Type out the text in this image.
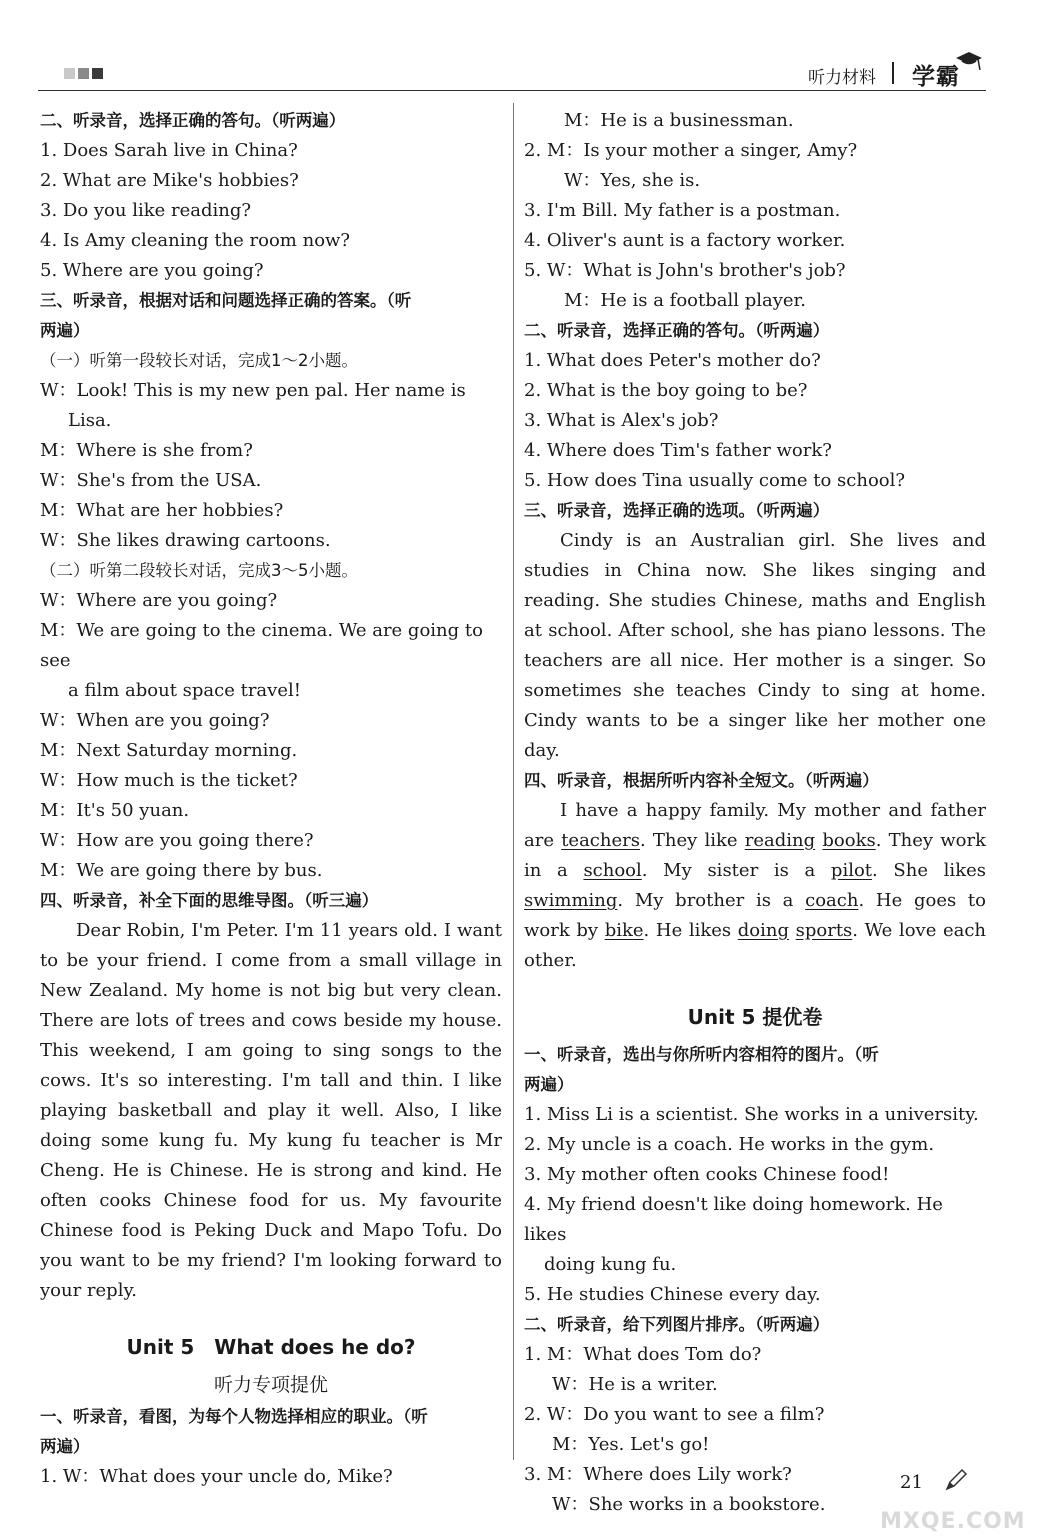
听力材料 学霸

二、听录音，选择正确的答句。（听两遍）

1. Does Sarah live in China?

2. What are Mike's hobbies?

3. Do you like reading?

4. Is Amy cleaning the room now?

5. Where are you going?

三、听录音，根据对话和问题选择正确的答案。（听

两遍）

（一）听第一段较长对话，完成1～2小题。

W：Look! This is my new pen pal. Her name is

Lisa.

M：Where is she from?

W：She's from the USA.

M：What are her hobbies?

W：She likes drawing cartoons.

（二）听第二段较长对话，完成3～5小题。

W：Where are you going?

M：We are going to the cinema. We are going to see

a film about space travel!

W：When are you going?

M：Next Saturday morning.

W：How much is the ticket?

M：It's 50 yuan.

W：How are you going there?

M：We are going there by bus.

四、听录音，补全下面的思维导图。（听三遍）

Dear Robin, I'm Peter. I'm 11 years old. I want to be your friend. I come from a small village in New Zealand. My home is not big but very clean. There are lots of trees and cows beside my house. This weekend, I am going to sing songs to the cows. It's so interesting. I'm tall and thin. I like playing basketball and play it well. Also, I like doing some kung fu. My kung fu teacher is Mr Cheng. He is Chinese. He is strong and kind. He often cooks Chinese food for us. My favourite Chinese food is Peking Duck and Mapo Tofu. Do you want to be my friend? I'm looking forward to your reply.

Unit 5　What does he do?

听力专项提优

一、听录音，看图，为每个人物选择相应的职业。（听

两遍）

1. W：What does your uncle do, Mike?

M：He is a businessman.

2. M：Is your mother a singer, Amy?

W：Yes, she is.

3. I'm Bill. My father is a postman.

4. Oliver's aunt is a factory worker.

5. W：What is John's brother's job?

M：He is a football player.

二、听录音，选择正确的答句。（听两遍）

1. What does Peter's mother do?

2. What is the boy going to be?

3. What is Alex's job?

4. Where does Tim's father work?

5. How does Tina usually come to school?

三、听录音，选择正确的选项。（听两遍）

Cindy is an Australian girl. She lives and studies in China now. She likes singing and reading. She studies Chinese, maths and English at school. After school, she has piano lessons. The teachers are all nice. Her mother is a singer. So sometimes she teaches Cindy to sing at home. Cindy wants to be a singer like her mother one day.

四、听录音，根据所听内容补全短文。（听两遍）

I have a happy family. My mother and father are teachers. They like reading books. They work in a school. My sister is a pilot. She likes swimming. My brother is a coach. He goes to work by bike. He likes doing sports. We love each other.

Unit 5 提优卷

一、听录音，选出与你所听内容相符的图片。（听

两遍）

1. Miss Li is a scientist. She works in a university.

2. My uncle is a coach. He works in the gym.

3. My mother often cooks Chinese food!

4. My friend doesn't like doing homework. He likes

doing kung fu.

5. He studies Chinese every day.

二、听录音，给下列图片排序。（听两遍）

1. M：What does Tom do?

W：He is a writer.

2. W：Do you want to see a film?

M：Yes. Let's go!

3. M：Where does Lily work?

W：She works in a bookstore.

21
MXQE.COM
